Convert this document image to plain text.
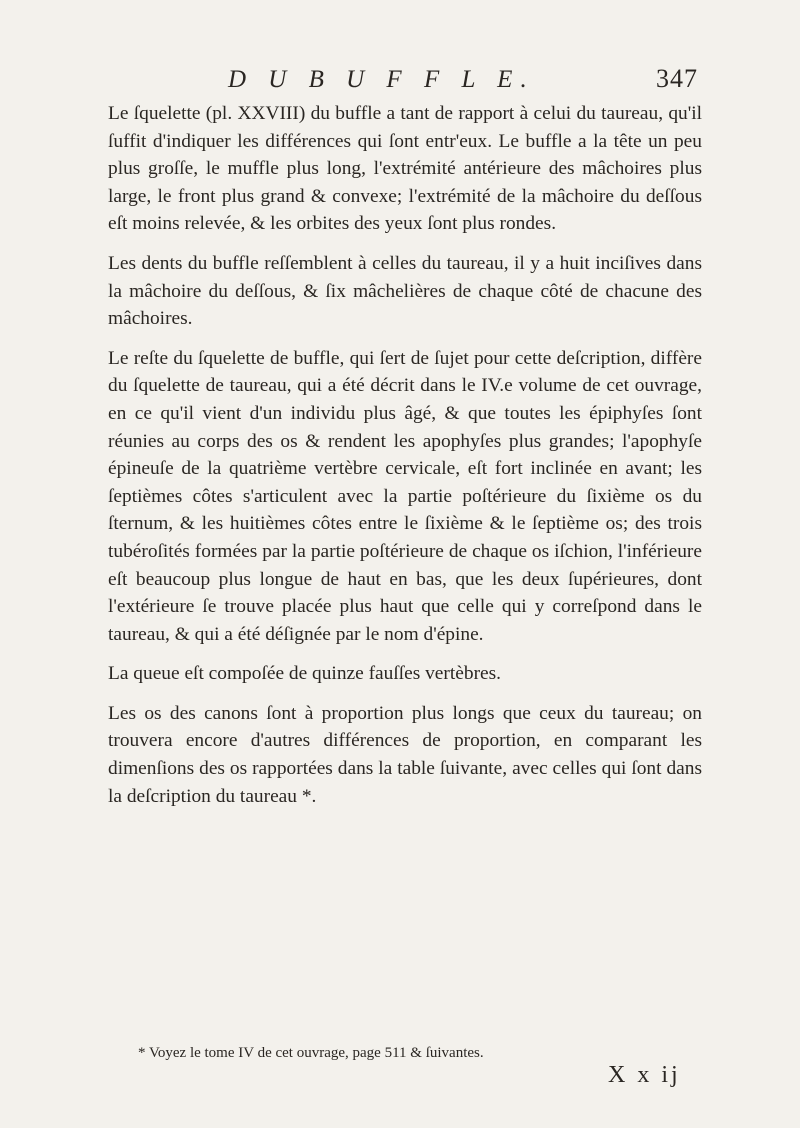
D U B U F F L E.	347

Le ſquelette (pl. XXVIII) du buffle a tant de rapport à celui du taureau, qu'il ſuffit d'indiquer les différences qui ſont entr'eux. Le buffle a la tête un peu plus groſſe, le muffle plus long, l'extrémité antérieure des mâchoires plus large, le front plus grand & convexe; l'extrémité de la mâchoire du deſſous eſt moins relevée, & les orbites des yeux ſont plus rondes.

Les dents du buffle reſſemblent à celles du taureau, il y a huit inciſives dans la mâchoire du deſſous, & ſix mâchelières de chaque côté de chacune des mâchoires.

Le reſte du ſquelette de buffle, qui ſert de ſujet pour cette deſcription, diffère du ſquelette de taureau, qui a été décrit dans le IV.e volume de cet ouvrage, en ce qu'il vient d'un individu plus âgé, & que toutes les épiphyſes ſont réunies au corps des os & rendent les apophyſes plus grandes; l'apophyſe épineuſe de la quatrième vertèbre cervicale, eſt fort inclinée en avant; les ſeptièmes côtes s'articulent avec la partie poſtérieure du ſixième os du ſternum, & les huitièmes côtes entre le ſixième & le ſeptième os; des trois tubéroſités formées par la partie poſtérieure de chaque os iſchion, l'inférieure eſt beaucoup plus longue de haut en bas, que les deux ſupérieures, dont l'extérieure ſe trouve placée plus haut que celle qui y correſpond dans le taureau, & qui a été déſignée par le nom d'épine.

La queue eſt compoſée de quinze fauſſes vertèbres.

Les os des canons ſont à proportion plus longs que ceux du taureau; on trouvera encore d'autres différences de proportion, en comparant les dimenſions des os rapportées dans la table ſuivante, avec celles qui ſont dans la deſcription du taureau *.

* Voyez le tome IV de cet ouvrage, page 511 & ſuivantes.
X x ij
